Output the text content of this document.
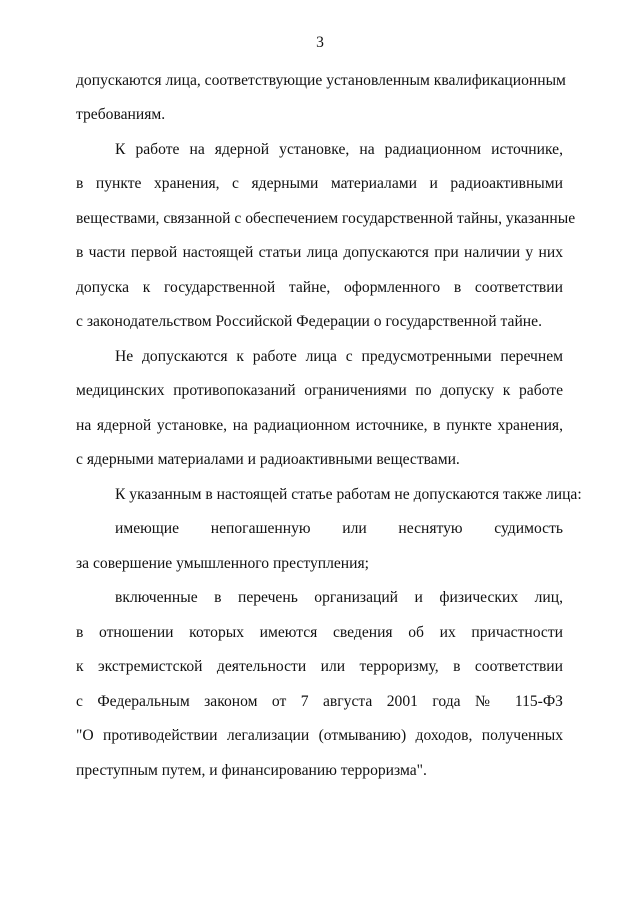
3
допускаются лица, соответствующие установленным квалификационным
требованиям.
К работе на ядерной установке, на радиационном источнике,
в пункте хранения, с ядерными материалами и радиоактивными
веществами, связанной с обеспечением государственной тайны, указанные
в части первой настоящей статьи лица допускаются при наличии у них
допуска к государственной тайне, оформленного в соответствии
с законодательством Российской Федерации о государственной тайне.
Не допускаются к работе лица с предусмотренными перечнем
медицинских противопоказаний ограничениями по допуску к работе
на ядерной установке, на радиационном источнике, в пункте хранения,
с ядерными материалами и радиоактивными веществами.
К указанным в настоящей статье работам не допускаются также лица:
имеющие непогашенную или неснятую судимость
за совершение умышленного преступления;
включенные в перечень организаций и физических лиц,
в отношении которых имеются сведения об их причастности
к экстремистской деятельности или терроризму, в соответствии
с Федеральным законом от 7 августа 2001 года № 115-ФЗ
"О противодействии легализации (отмыванию) доходов, полученных
преступным путем, и финансированию терроризма".
